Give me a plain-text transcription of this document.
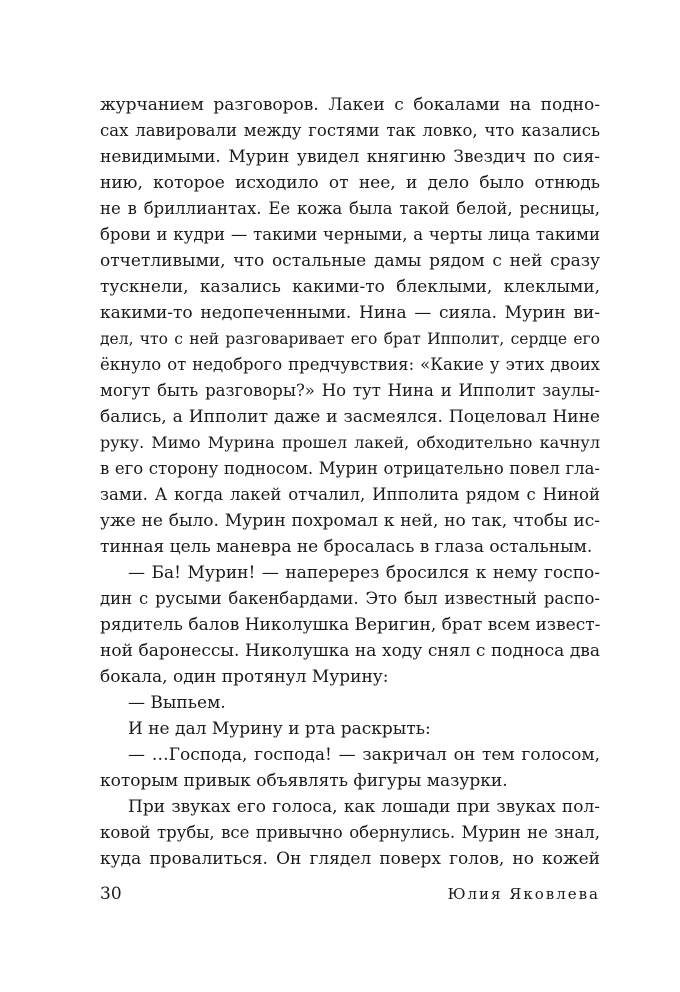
журчанием разговоров. Лакеи с бокалами на подно-
сах лавировали между гостями так ловко, что казались
невидимыми. Мурин увидел княгиню Звездич по сия-
нию, которое исходило от нее, и дело было отнюдь
не в бриллиантах. Ее кожа была такой белой, ресницы,
брови и кудри — такими черными, а черты лица такими
отчетливыми, что остальные дамы рядом с ней сразу
тускнели, казались какими-то блеклыми, клеклыми,
какими-то недопеченными. Нина — сияла. Мурин ви-
дел, что с ней разговаривает его брат Ипполит, сердце его
ёкнуло от недоброго предчувствия: «Какие у этих двоих
могут быть разговоры?» Но тут Нина и Ипполит заулы-
бались, а Ипполит даже и засмеялся. Поцеловал Нине
руку. Мимо Мурина прошел лакей, обходительно качнул
в его сторону подносом. Мурин отрицательно повел гла-
зами. А когда лакей отчалил, Ипполита рядом с Ниной
уже не было. Мурин похромал к ней, но так, чтобы ис-
тинная цель маневра не бросалась в глаза остальным.
— Ба! Мурин! — наперерез бросился к нему госпо-
дин с русыми бакенбардами. Это был известный распо-
рядитель балов Николушка Веригин, брат всем извест-
ной баронессы. Николушка на ходу снял с подноса два
бокала, один протянул Мурину:
— Выпьем.
И не дал Мурину и рта раскрыть:
— …Господа, господа! — закричал он тем голосом,
которым привык объявлять фигуры мазурки.
При звуках его голоса, как лошади при звуках пол-
ковой трубы, все привычно обернулись. Мурин не знал,
куда провалиться. Он глядел поверх голов, но кожей
30	Юлия Яковлева
